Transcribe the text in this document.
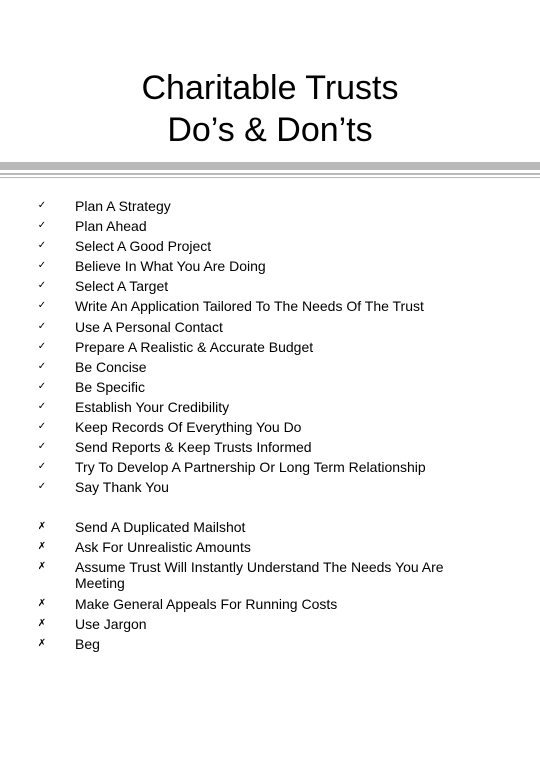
Charitable Trusts
Do’s & Don’ts
✓ Plan A Strategy
✓ Plan Ahead
✓ Select A Good Project
✓ Believe In What You Are Doing
✓ Select A Target
✓ Write An Application Tailored To The Needs Of The Trust
✓ Use A Personal Contact
✓ Prepare A Realistic & Accurate Budget
✓ Be Concise
✓ Be Specific
✓ Establish Your Credibility
✓ Keep Records Of Everything You Do
✓ Send Reports & Keep Trusts Informed
✓ Try To Develop A Partnership Or Long Term Relationship
✓ Say Thank You
✗ Send A Duplicated Mailshot
✗ Ask For Unrealistic Amounts
✗ Assume Trust Will Instantly Understand The Needs You Are Meeting
✗ Make General Appeals For Running Costs
✗ Use Jargon
✗ Beg
